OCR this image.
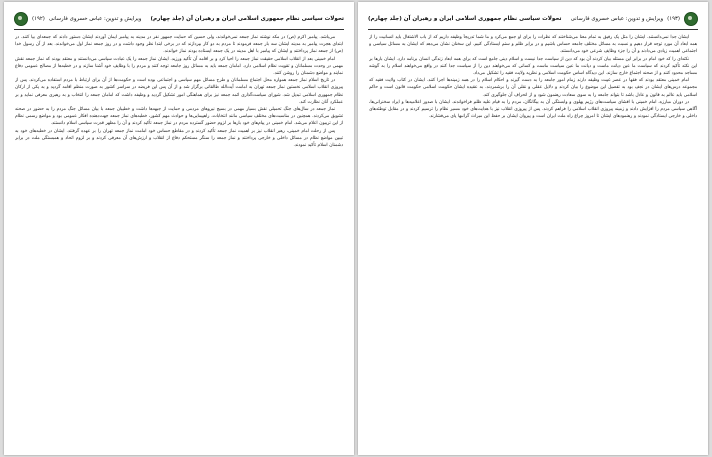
تحولات سیاسی نظام جمهوری اسلامی ایران و رهبران آن (جلد چهارم)
ویرایش و تدوین: عباس خسروی فارسانی
(۱۹۲)

می‌باشد. پیامبر اکرم (ص) در مکه نوشته نماز جمعه نمی‌خواندند، ولی حسین که حمایت جمهور نفر در مدینه به پیامبر ایمان آوردند ایشان دستور دادند که جمعه‌ای بپا کنند. در ابتدای هجرت پیامبر به مدینه ایشان سه بار جمعه فرمودند تا مردم به دو کار بپردازند که در برخی ابتدا نظر وجود داشت و در روز جمعه نماز اول می‌خواندند. بعد از آن رسول خدا (ص) از جمعه نماز پرداختند و ایشان که پیامبر با اهل مدینه در یک جمعه ایستاده بودند نماز خواندند.

امام خمینی بعد از انقلاب اسلامی حقیقت نماز جمعه را احیا کرد و بر اقامه آن تأکید ورزید. ایشان نماز جمعه را یک عبادت سیاسی می‌دانستند و معتقد بودند که نماز جمعه نقش مهمی در وحدت مسلمانان و تقویت نظام اسلامی دارد. امامان جمعه باید به مسائل روز جامعه توجه کنند و مردم را با وظایف خود آشنا سازند و در خطبه‌ها از مصالح عمومی دفاع نمایند و مواضع دشمنان را روشن کنند.

در تاریخ اسلام نماز جمعه همواره محل اجتماع مسلمانان و طرح مسائل مهم سیاسی و اجتماعی بوده است و حکومت‌ها از آن برای ارتباط با مردم استفاده می‌کردند. پس از پیروزی انقلاب اسلامی نخستین نماز جمعه تهران به امامت آیت‌الله طالقانی برگزار شد و از آن پس این فریضه در سراسر کشور به صورت منظم اقامه گردید و به یکی از ارکان نظام جمهوری اسلامی تبدیل شد. شورای سیاست‌گذاری ائمه جمعه نیز برای هماهنگی امور تشکیل گردید و وظیفه داشت که امامان جمعه را انتخاب و به رهبری معرفی نماید و بر عملکرد آنان نظارت کند.

نماز جمعه در سال‌های جنگ تحمیلی نقش بسیار مهمی در بسیج نیروهای مردمی و حمایت از جبهه‌ها داشت و خطیبان جمعه با بیان مسائل جنگ مردم را به حضور در صحنه تشویق می‌کردند. همچنین در مناسبت‌های مختلف سیاسی مانند انتخابات، راهپیمایی‌ها و حوادث مهم کشور، خطبه‌های نماز جمعه جهت‌دهنده افکار عمومی بود و مواضع رسمی نظام از این تریبون اعلام می‌شد. امام خمینی در پیام‌های خود بارها بر لزوم حضور گسترده مردم در نماز جمعه تأکید کردند و آن را مظهر قدرت سیاسی اسلام دانستند.

پس از رحلت امام خمینی، رهبر انقلاب نیز بر اهمیت نماز جمعه تأکید کردند و در مقاطع حساس خود امامت نماز جمعه تهران را بر عهده گرفتند. ایشان در خطبه‌های خود به تبیین مواضع نظام در مسائل داخلی و خارجی پرداختند و نماز جمعه را سنگر مستحکم دفاع از انقلاب و ارزش‌های آن معرفی کردند و بر لزوم اتحاد و همبستگی ملت در برابر دشمنان اسلام تأکید نمودند.

(۱۹۳)
ویرایش و تدوین: عباس خسروی فارسانی
تحولات سیاسی نظام جمهوری اسلامی ایران و رهبران آن (جلد چهارم)

ایشان جدا نمی‌دانستند. ایشان را مثل یک رفیق به تمام معنا می‌شناختند که نظرات را برای او جمع می‌کرد و ما شما تدریجاً وظیفه داریم که از باب الاشتغال باید انسانیت را از همه ابعاد آن مورد توجه قرار دهیم و نسبت به مسائل مختلف جامعه حساس باشیم و در برابر ظلم و ستم ایستادگی کنیم. این سخنان نشان می‌دهد که ایشان به مسائل سیاسی و اجتماعی اهمیت زیادی می‌دادند و آن را جزء وظایف شرعی خود می‌دانستند.

نکته‌ای را که خود امام در برابر این مسئله بیان کردند آن بود که دین از سیاست جدا نیست و اسلام دینی جامع است که برای همه ابعاد زندگی انسان برنامه دارد. ایشان بارها بر این نکته تأکید کردند که سیاست ما عین دیانت ماست و دیانت ما عین سیاست ماست و کسانی که می‌خواهند دین را از سیاست جدا کنند در واقع می‌خواهند اسلام را به گوشه مساجد محدود کنند و از صحنه اجتماع خارج سازند. این دیدگاه اساس حکومت اسلامی و نظریه ولایت فقیه را تشکیل می‌داد.

امام خمینی معتقد بودند که فقها در عصر غیبت وظیفه دارند زمام امور جامعه را به دست گیرند و احکام اسلام را در همه زمینه‌ها اجرا کنند. ایشان در کتاب ولایت فقیه که مجموعه درس‌های ایشان در نجف بود به تفصیل این موضوع را بیان کردند و دلایل عقلی و نقلی آن را برشمردند. به عقیده ایشان حکومت اسلامی حکومت قانون است و حاکم اسلامی باید عالم به قانون و عادل باشد تا بتواند جامعه را به سوی سعادت رهنمون شود و از انحراف آن جلوگیری کند.

در دوران مبارزه، امام خمینی با افشای سیاست‌های رژیم پهلوی و وابستگی آن به بیگانگان، مردم را به قیام علیه ظلم فراخواندند. ایشان با صدور اعلامیه‌ها و ایراد سخنرانی‌ها، آگاهی سیاسی مردم را افزایش دادند و زمینه پیروزی انقلاب اسلامی را فراهم کردند. پس از پیروزی انقلاب نیز با هدایت‌های خود مسیر نظام را ترسیم کردند و در مقابل توطئه‌های داخلی و خارجی ایستادگی نمودند و رهنمودهای ایشان تا امروز چراغ راه ملت ایران است و پیروان ایشان بر حفظ این میراث گرانبها پای می‌فشارند.
